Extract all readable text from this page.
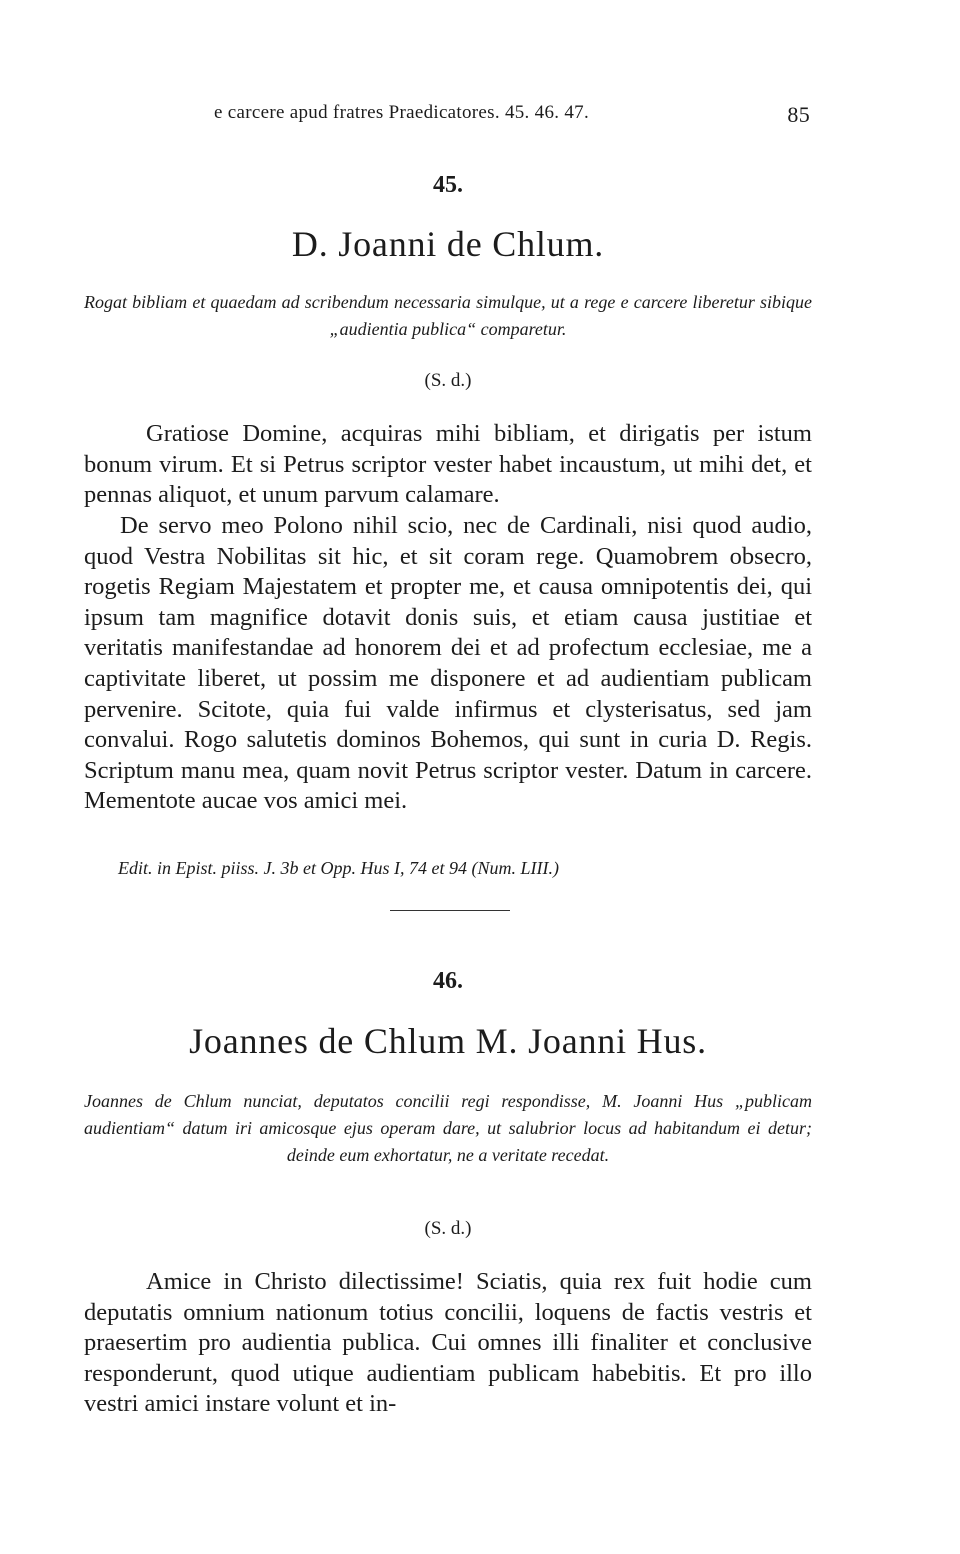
e carcere apud fratres Praedicatores. 45. 46. 47.	85
45.
D. Joanni de Chlum.
Rogat bibliam et quaedam ad scribendum necessaria simulque, ut a rege e carcere liberetur sibique „audientia publica“ comparetur.
(S. d.)

Gratiose Domine, acquiras mihi bibliam, et dirigatis per istum bonum virum. Et si Petrus scriptor vester habet incaustum, ut mihi det, et pennas aliquot, et unum parvum calamare.

De servo meo Polono nihil scio, nec de Cardinali, nisi quod audio, quod Vestra Nobilitas sit hic, et sit coram rege. Quamobrem obsecro, rogetis Regiam Majestatem et propter me, et causa omnipotentis dei, qui ipsum tam magnifice dotavit donis suis, et etiam causa justitiae et veritatis manifestandae ad honorem dei et ad profectum ecclesiae, me a captivitate liberet, ut possim me disponere et ad audientiam publicam pervenire. Scitote, quia fui valde infirmus et clysterisatus, sed jam convalui. Rogo salutetis dominos Bohemos, qui sunt in curia D. Regis. Scriptum manu mea, quam novit Petrus scriptor vester. Datum in carcere. Mementote aucae vos amici mei.

Edit. in Epist. piiss. J. 3b et Opp. Hus I, 74 et 94 (Num. LIII.)
46.
Joannes de Chlum M. Joanni Hus.
Joannes de Chlum nunciat, deputatos concilii regi respondisse, M. Joanni Hus „publicam audientiam“ datum iri amicosque ejus operam dare, ut salubrior locus ad habitandum ei detur; deinde eum exhortatur, ne a veritate recedat.
(S. d.)

Amice in Christo dilectissime! Sciatis, quia rex fuit hodie cum deputatis omnium nationum totius concilii, loquens de factis vestris et praesertim pro audientia publica. Cui omnes illi finaliter et conclusive responderunt, quod utique audientiam publicam habebitis. Et pro illo vestri amici instare volunt et in-
